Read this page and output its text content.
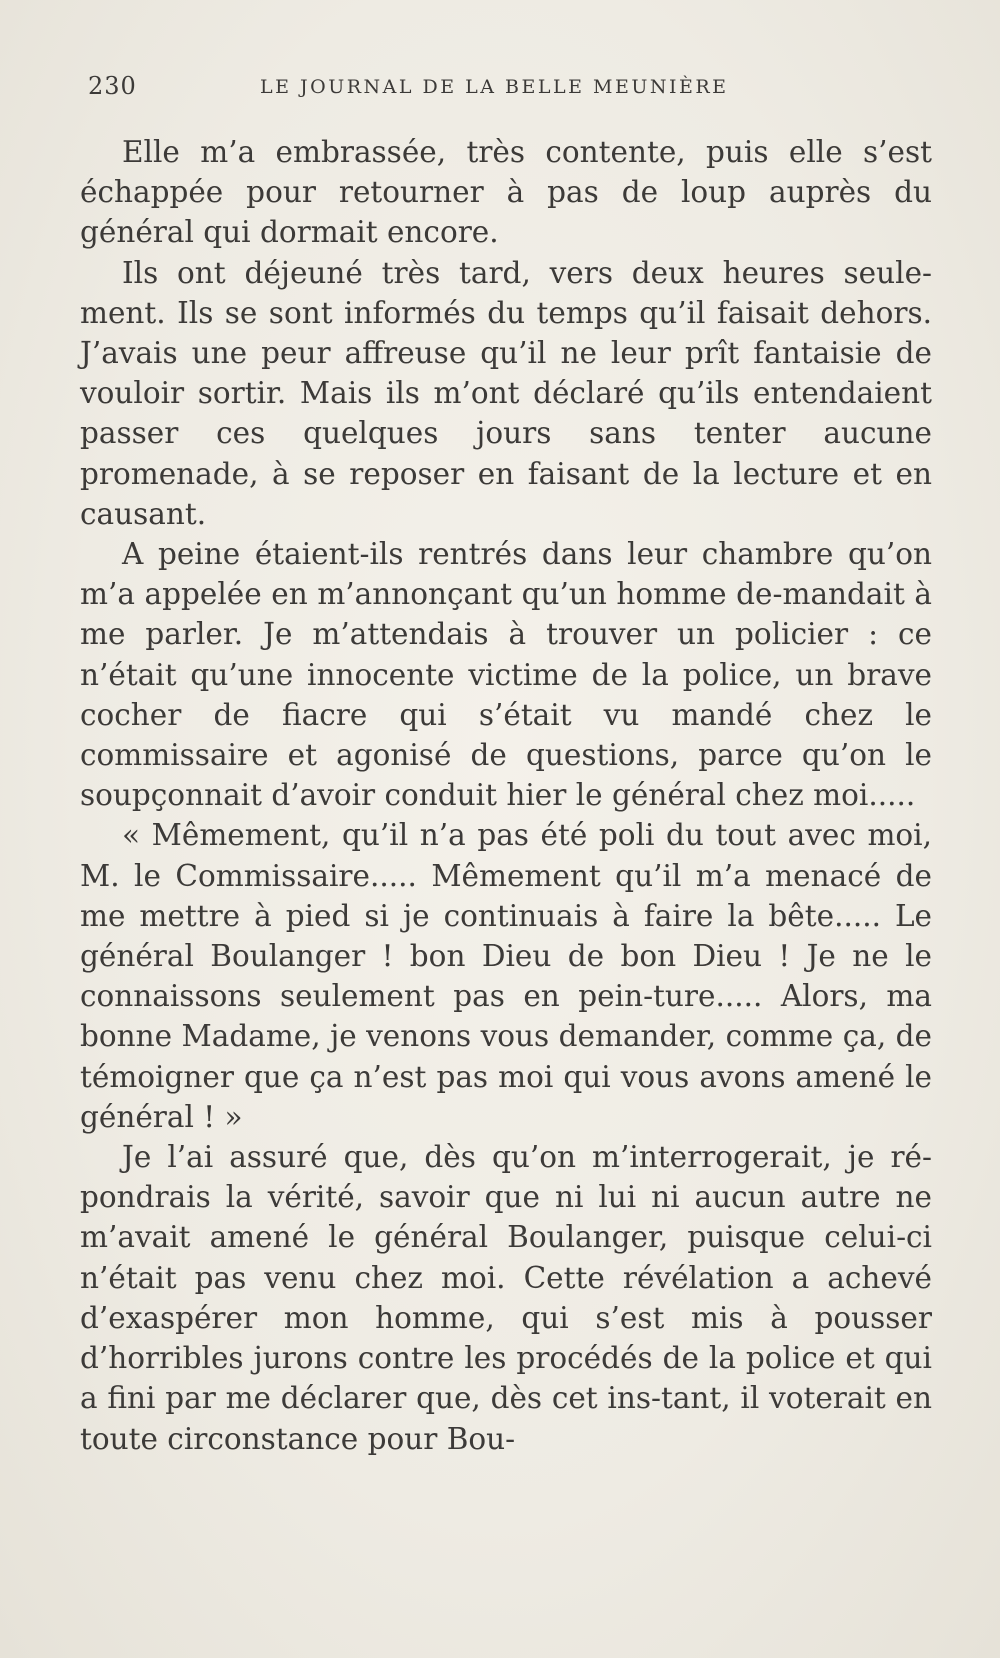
230	LE JOURNAL DE LA BELLE MEUNIÈRE

Elle m’a embrassée, très contente, puis elle s’est échappée pour retourner à pas de loup auprès du général qui dormait encore.

Ils ont déjeuné très tard, vers deux heures seule-ment. Ils se sont informés du temps qu’il faisait dehors. J’avais une peur affreuse qu’il ne leur prît fantaisie de vouloir sortir. Mais ils m’ont déclaré qu’ils entendaient passer ces quelques jours sans tenter aucune promenade, à se reposer en faisant de la lecture et en causant.

A peine étaient-ils rentrés dans leur chambre qu’on m’a appelée en m’annonçant qu’un homme de-mandait à me parler. Je m’attendais à trouver un policier : ce n’était qu’une innocente victime de la police, un brave cocher de fiacre qui s’était vu mandé chez le commissaire et agonisé de questions, parce qu’on le soupçonnait d’avoir conduit hier le général chez moi.....

« Mêmement, qu’il n’a pas été poli du tout avec moi, M. le Commissaire..... Mêmement qu’il m’a menacé de me mettre à pied si je continuais à faire la bête..... Le général Boulanger ! bon Dieu de bon Dieu ! Je ne le connaissons seulement pas en pein-ture..... Alors, ma bonne Madame, je venons vous demander, comme ça, de témoigner que ça n’est pas moi qui vous avons amené le général ! »

Je l’ai assuré que, dès qu’on m’interrogerait, je ré-pondrais la vérité, savoir que ni lui ni aucun autre ne m’avait amené le général Boulanger, puisque celui-ci n’était pas venu chez moi. Cette révélation a achevé d’exaspérer mon homme, qui s’est mis à pousser d’horribles jurons contre les procédés de la police et qui a fini par me déclarer que, dès cet ins-tant, il voterait en toute circonstance pour Bou-
